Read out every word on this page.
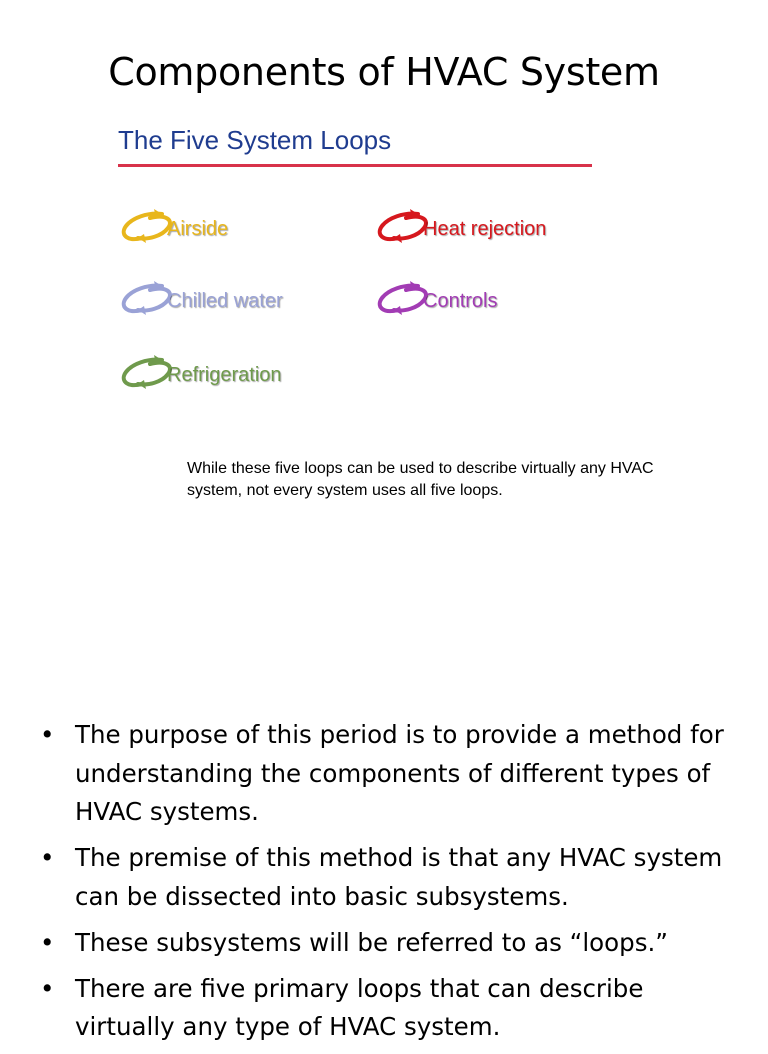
Components of HVAC System
The Five System Loops
Airside	Heat rejection
Chilled water	Controls
Refrigeration
While these five loops can be used to describe virtually any HVAC system, not every system uses all five loops.
• The purpose of this period is to provide a method for understanding the components of different types of HVAC systems.
• The premise of this method is that any HVAC system can be dissected into basic subsystems.
• These subsystems will be referred to as “loops.”
• There are five primary loops that can describe virtually any type of HVAC system.
